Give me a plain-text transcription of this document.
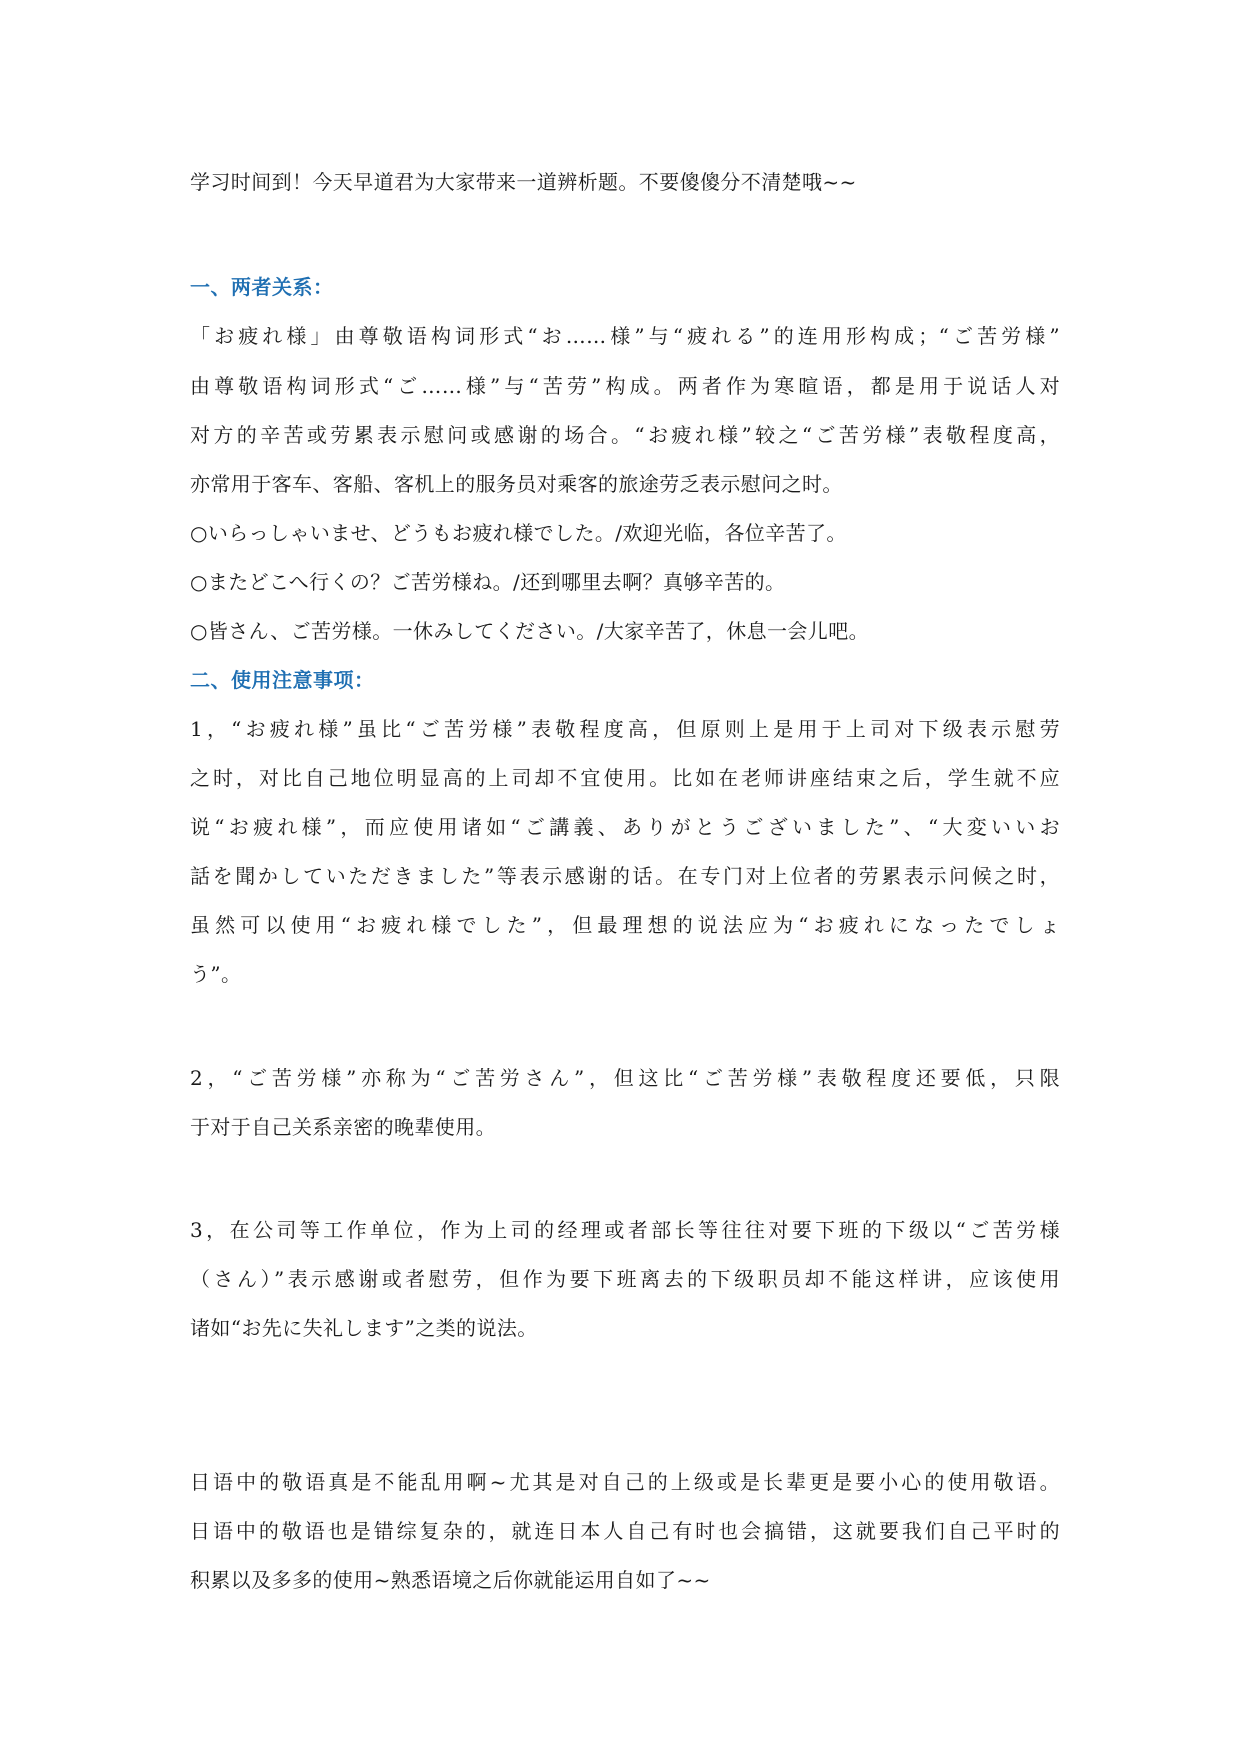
学习时间到！今天早道君为大家带来一道辨析题。不要傻傻分不清楚哦~~
一、两者关系：
「お疲れ様」由尊敬语构词形式“お……様”与“疲れる”的连用形构成；“ご苦労様”
由尊敬语构词形式“ご……様”与“苦劳”构成。两者作为寒暄语，都是用于说话人对
对方的辛苦或劳累表示慰问或感谢的场合。“お疲れ様”较之“ご苦労様”表敬程度高，
亦常用于客车、客船、客机上的服务员对乘客的旅途劳乏表示慰问之时。
○いらっしゃいませ、どうもお疲れ様でした。/欢迎光临，各位辛苦了。
○またどこへ行くの？ご苦労様ね。/还到哪里去啊？真够辛苦的。
○皆さん、ご苦労様。一休みしてください。/大家辛苦了，休息一会儿吧。
二、使用注意事项：
1，“お疲れ様”虽比“ご苦労様”表敬程度高，但原则上是用于上司对下级表示慰劳
之时，对比自己地位明显高的上司却不宜使用。比如在老师讲座结束之后，学生就不应
说“お疲れ様”，而应使用诸如“ご講義、ありがとうございました”、“大変いいお
話を聞かしていただきました”等表示感谢的话。在专门对上位者的劳累表示问候之时，
虽然可以使用“お疲れ様でした”，但最理想的说法应为“お疲れになったでしょ
う”。
2，“ご苦労様”亦称为“ご苦労さん”，但这比“ご苦労様”表敬程度还要低，只限
于对于自己关系亲密的晚辈使用。
3，在公司等工作单位，作为上司的经理或者部长等往往对要下班的下级以“ご苦労様
（さん）”表示感谢或者慰劳，但作为要下班离去的下级职员却不能这样讲，应该使用
诸如“お先に失礼します”之类的说法。
日语中的敬语真是不能乱用啊~尤其是对自己的上级或是长辈更是要小心的使用敬语。
日语中的敬语也是错综复杂的，就连日本人自己有时也会搞错，这就要我们自己平时的
积累以及多多的使用~熟悉语境之后你就能运用自如了~~
